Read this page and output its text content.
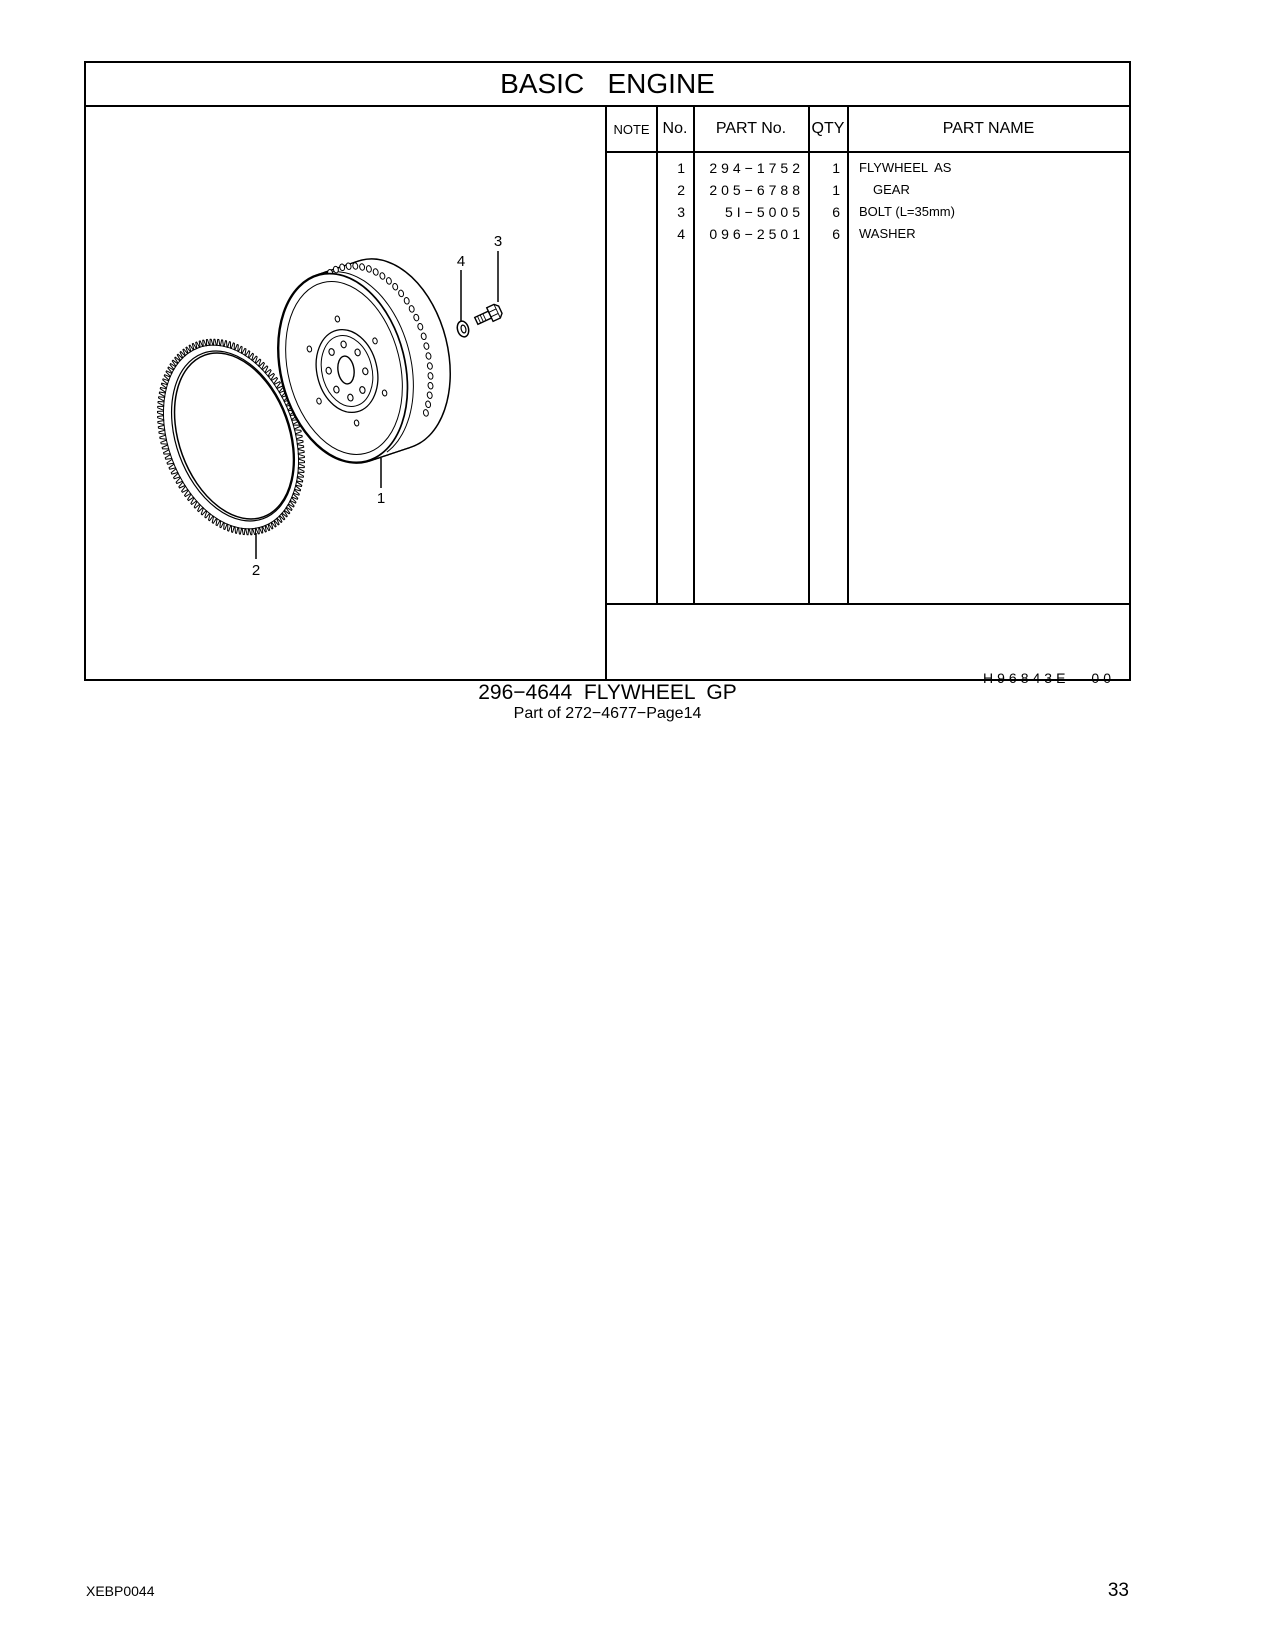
BASIC   ENGINE
NOTE No.	PART No.	QTY	PART NAME
1	294−1752	1	FLYWHEEL  AS
2	205−6788	1	GEAR
3	5I−5005	6	BOLT (L=35mm)
4	096−2501	6	WASHER

H96843E 00

1
2
3
4
296−4644  FLYWHEEL  GP
Part of 272−4677−Page14
XEBP0044	33
